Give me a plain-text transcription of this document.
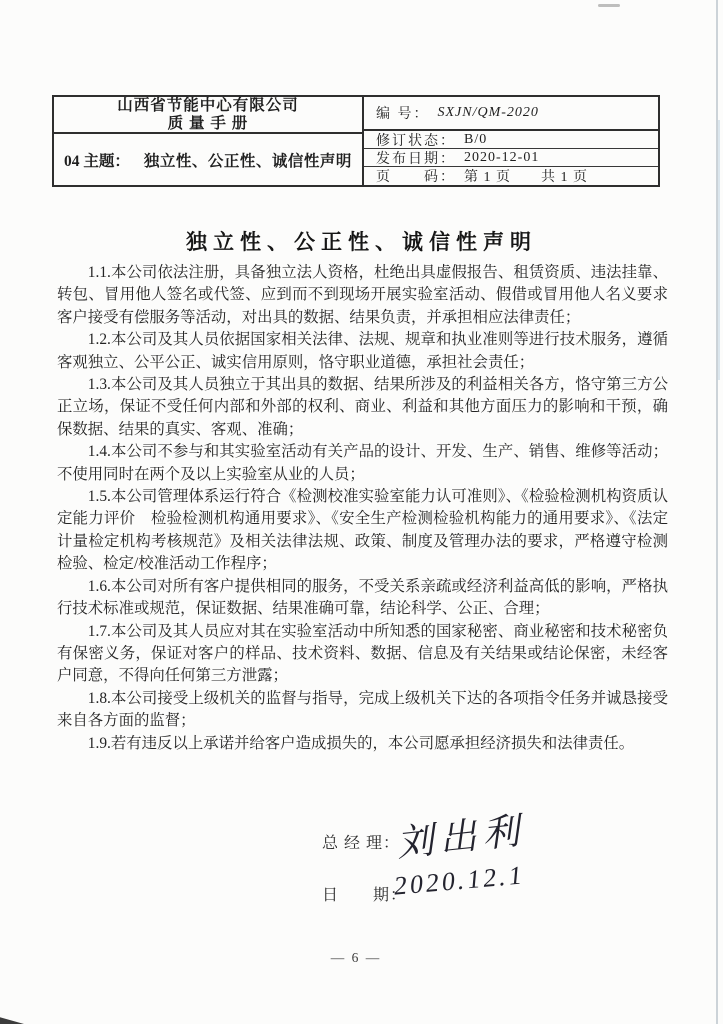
山西省节能中心有限公司
质 量 手 册
04 主题： 独立性、公正性、诚信性声明
编 号： SXJN/QM-2020
修订状态： B/0
发布日期： 2020-12-01
页　　码： 第 1 页　　共 1 页
独立性、公正性、诚信性声明

1.1.本公司依法注册，具备独立法人资格，杜绝出具虚假报告、租赁资质、违法挂靠、转包、冒用他人签名或代签、应到而不到现场开展实验室活动、假借或冒用他人名义要求客户接受有偿服务等活动，对出具的数据、结果负责，并承担相应法律责任；

1.2.本公司及其人员依据国家相关法律、法规、规章和执业准则等进行技术服务，遵循客观独立、公平公正、诚实信用原则，恪守职业道德，承担社会责任；

1.3.本公司及其人员独立于其出具的数据、结果所涉及的利益相关各方，恪守第三方公正立场，保证不受任何内部和外部的权利、商业、利益和其他方面压力的影响和干预，确保数据、结果的真实、客观、准确；

1.4.本公司不参与和其实验室活动有关产品的设计、开发、生产、销售、维修等活动；不使用同时在两个及以上实验室从业的人员；

1.5.本公司管理体系运行符合《检测校准实验室能力认可准则》、《检验检测机构资质认定能力评价　检验检测机构通用要求》、《安全生产检测检验机构能力的通用要求》、《法定计量检定机构考核规范》及相关法律法规、政策、制度及管理办法的要求，严格遵守检测检验、检定/校准活动工作程序；

1.6.本公司对所有客户提供相同的服务，不受关系亲疏或经济利益高低的影响，严格执行技术标准或规范，保证数据、结果准确可靠，结论科学、公正、合理；

1.7.本公司及其人员应对其在实验室活动中所知悉的国家秘密、商业秘密和技术秘密负有保密义务，保证对客户的样品、技术资料、数据、信息及有关结果或结论保密，未经客户同意，不得向任何第三方泄露；

1.8.本公司接受上级机关的监督与指导，完成上级机关下达的各项指令任务并诚恳接受来自各方面的监督；

1.9.若有违反以上承诺并给客户造成损失的，本公司愿承担经济损失和法律责任。

总 经 理：
刘出利
日　　期：
2020.12.1
— 6 —
